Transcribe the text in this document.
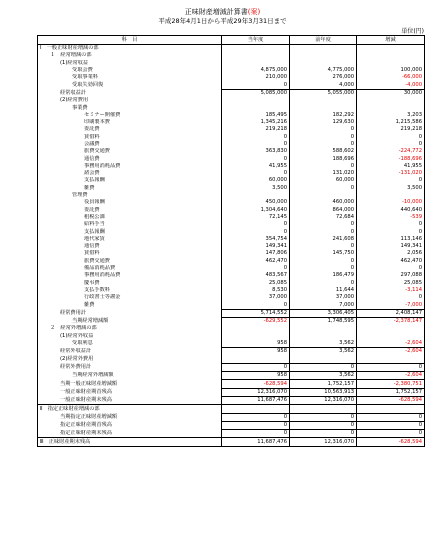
正味財産増減計算書(案)
平成28年4月1日から平成29年3月31日まで
単位(円)
科　目	当年度	前年度	増減
Ⅰ　一般正味財産増減の部			
１　経常増減の部			
(1)経常収益			
受取会費	4,875,000	4,775,000	100,000
受取事業料	210,000	276,000	-66,000
受取失効回復	0	4,000	-4,000
経常収益計	5,085,000	5,055,000	30,000
(2)経常費用			
事業費			
セミナー開催費	185,495	182,292	3,203
印刷製本費	1,345,216	129,630	1,215,586
委託費	219,218	0	219,218
賃借料	0	0	0
会議費	0	0	0
旅費交通費	363,830	588,602	-224,772
通信費	0	188,696	-188,696
事務用消耗品費	41,955	0	41,955
諸会費	0	131,020	-131,020
支払報酬	60,000	60,000	0
雑費	3,500	0	3,500
管理費			
役員報酬	450,000	460,000	-10,000
委託費	1,304,640	864,000	440,640
租税公課	72,145	72,684	-539
給料手当	0	0	0
支払報酬	0	0	0
地代家賃	354,754	241,608	113,146
通信費	149,341	0	149,341
賃借料	147,806	145,750	2,056
旅費交通費	462,470	0	462,470
備品消耗品費	0	0	0
事務用消耗品費	483,567	186,479	297,088
慶弔費	25,085	0	25,085
支払手数料	8,530	11,644	-3,114
行政書士等謝金	37,000	37,000	0
雑費	0	7,000	-7,000
経常費用計	5,714,552	3,306,405	2,408,147
当期経常増減額	-629,552	1,748,595	-2,378,147
２　経常外増減の部			
(1)経常外収益			
受取利息	958	3,562	-2,604
経常外収益計	958	3,562	-2,604
(2)経常外費用			
経常外費用計	0	0	0
当期経常外増減額	958	3,562	-2,604
当期一般正味財産増減額	-628,594	1,752,157	-2,380,751
一般正味財産期首残高	12,316,070	10,563,913	1,752,157
一般正味財産期末残高	11,687,476	12,316,070	-628,594
Ⅱ　指定正味財産増減の部			
当期指定正味財産増減額	0	0	0
指定正味財産期首残高	0	0	0
指定正味財産期末残高	0	0	0
Ⅲ　正味財産期末残高	11,687,476	12,316,070	-628,594
